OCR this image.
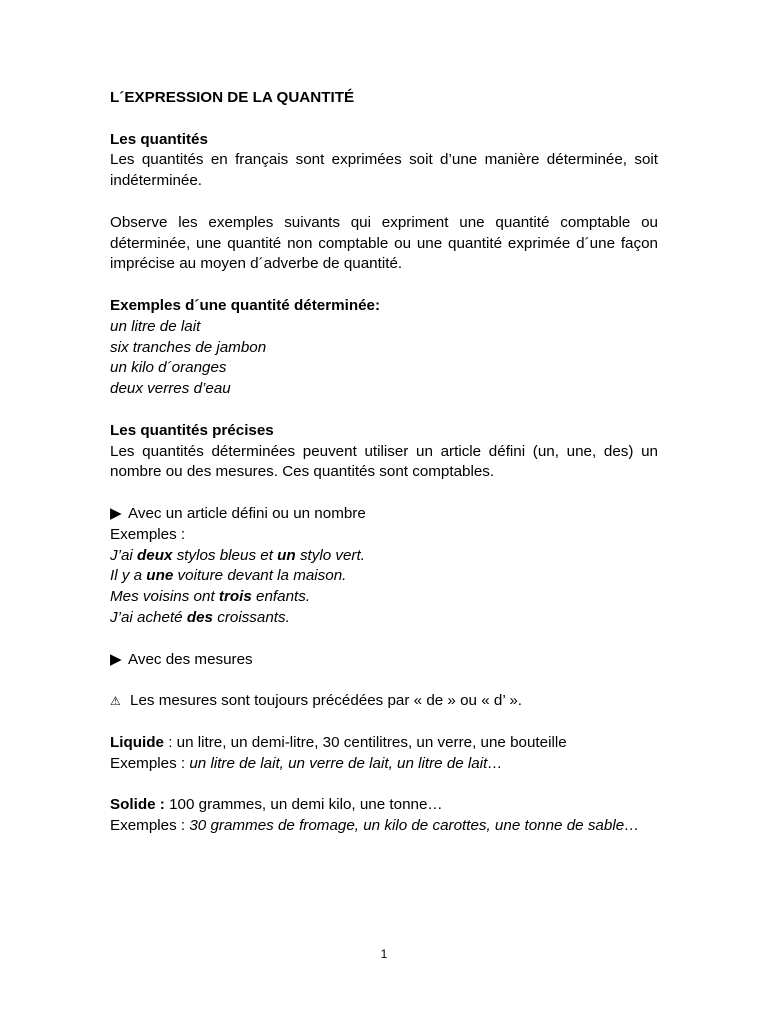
L´EXPRESSION DE LA QUANTITÉ

Les quantités

Les quantités en français sont exprimées soit d’une manière déterminée, soit indéterminée.

Observe les exemples suivants qui expriment une quantité comptable ou déterminée, une quantité non comptable ou une quantité exprimée d´une façon imprécise au moyen d´adverbe de quantité.

Exemples d´une quantité déterminée:

un litre de lait

six tranches de jambon

un kilo d´oranges

deux verres d’eau

Les quantités précises

Les quantités déterminées peuvent utiliser un article défini (un, une, des) un nombre ou des mesures. Ces quantités sont comptables.

▶ Avec un article défini ou un nombre

Exemples :

J’ai deux stylos bleus et un stylo vert.

Il y a une voiture devant la maison.

Mes voisins ont trois enfants.

J’ai acheté des croissants.

▶ Avec des mesures

⚠ Les mesures sont toujours précédées par « de » ou « d’ ».

Liquide : un litre, un demi-litre, 30 centilitres, un verre, une bouteille

Exemples : un litre de lait, un verre de lait, un litre de lait…

Solide : 100 grammes, un demi kilo, une tonne…

Exemples : 30 grammes de fromage, un kilo de carottes, une tonne de sable…

1
